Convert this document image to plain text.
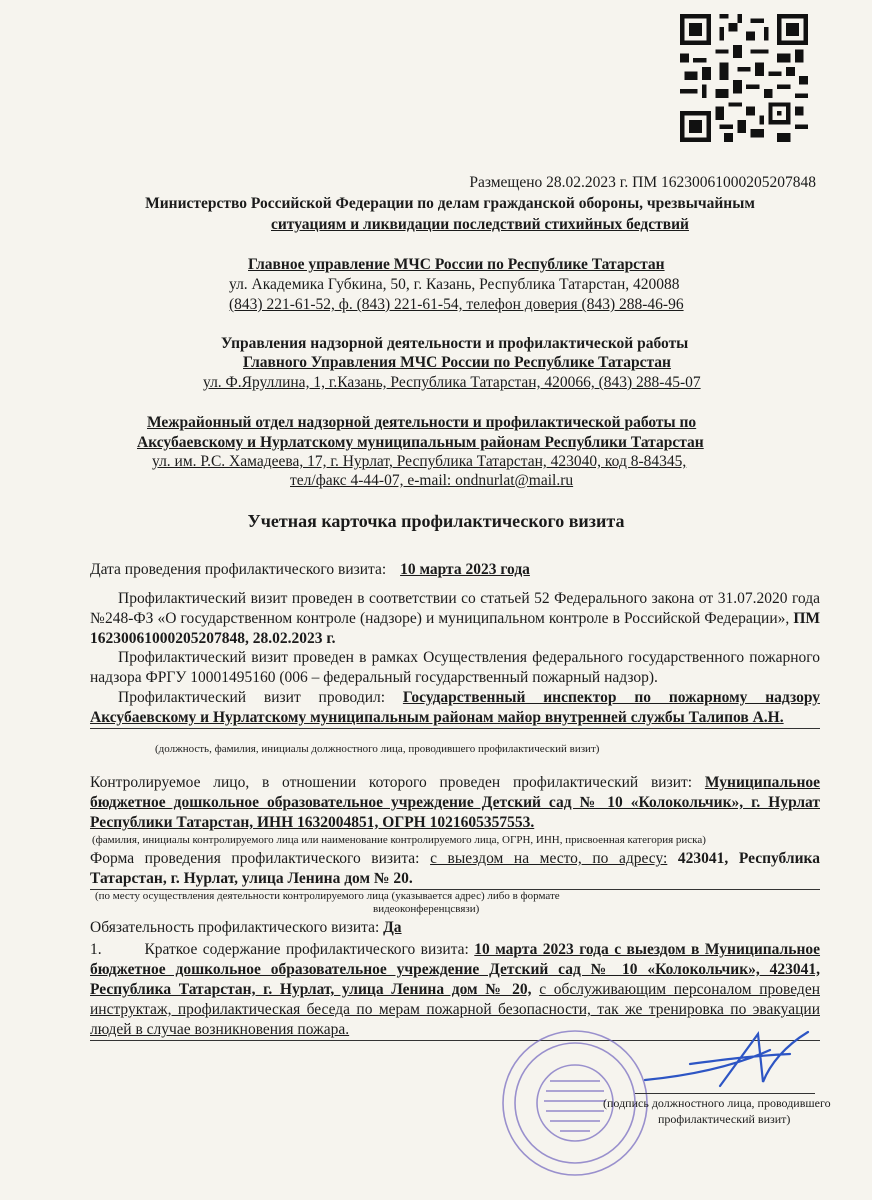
Размещено 28.02.2023 г. ПМ 16230061000205207848
Министерство Российской Федерации по делам гражданской обороны, чрезвычайным
ситуациям и ликвидации последствий стихийных бедствий
Главное управление МЧС России по Республике Татарстан
ул. Академика Губкина, 50, г. Казань, Республика Татарстан, 420088
(843) 221-61-52, ф. (843) 221-61-54, телефон доверия (843) 288-46-96
Управления надзорной деятельности и профилактической работы
Главного Управления МЧС России по Республике Татарстан
ул. Ф.Яруллина, 1, г.Казань, Республика Татарстан, 420066, (843) 288-45-07
Межрайонный отдел надзорной деятельности и профилактической работы по
Аксубаевскому и Нурлатскому муниципальным районам Республики Татарстан
ул. им. Р.С. Хамадеева, 17, г. Нурлат, Республика Татарстан, 423040, код 8-84345,
тел/факс 4-44-07, e-mail: ondnurlat@mail.ru
Учетная карточка профилактического визита
Дата проведения профилактического визита: 10 марта 2023 года
Профилактический визит проведен в соответствии со статьей 52 Федерального закона от 31.07.2020 года №248-ФЗ «О государственном контроле (надзоре) и муниципальном контроле в Российской Федерации», ПМ 16230061000205207848, 28.02.2023 г.
Профилактический визит проведен в рамках Осуществления федерального государственного пожарного надзора ФРГУ 10001495160 (006 – федеральный государственный пожарный надзор).
Профилактический визит проводил: Государственный инспектор по пожарному надзору Аксубаевскому и Нурлатскому муниципальным районам майор внутренней службы Талипов А.Н.
(должность, фамилия, инициалы должностного лица, проводившего профилактический визит)
Контролируемое лицо, в отношении которого проведен профилактический визит: Муниципальное бюджетное дошкольное образовательное учреждение Детский сад № 10 «Колокольчик», г. Нурлат Республики Татарстан, ИНН 1632004851, ОГРН 1021605357553.
(фамилия, инициалы контролируемого лица или наименование контролируемого лица, ОГРН, ИНН, присвоенная категория риска)
Форма проведения профилактического визита: с выездом на место, по адресу: 423041, Республика Татарстан, г. Нурлат, улица Ленина дом № 20.
(по месту осуществления деятельности контролируемого лица (указывается адрес) либо в формате
видеоконференцсвязи)
Обязательность профилактического визита: Да
1.	Краткое содержание профилактического визита: 10 марта 2023 года с выездом в Муниципальное бюджетное дошкольное образовательное учреждение Детский сад № 10 «Колокольчик», 423041, Республика Татарстан, г. Нурлат, улица Ленина дом № 20, с обслуживающим персоналом проведен инструктаж, профилактическая беседа по мерам пожарной безопасности, так же тренировка по эвакуации людей в случае возникновения пожара.
(подпись должностного лица, проводившего
профилактический визит)
